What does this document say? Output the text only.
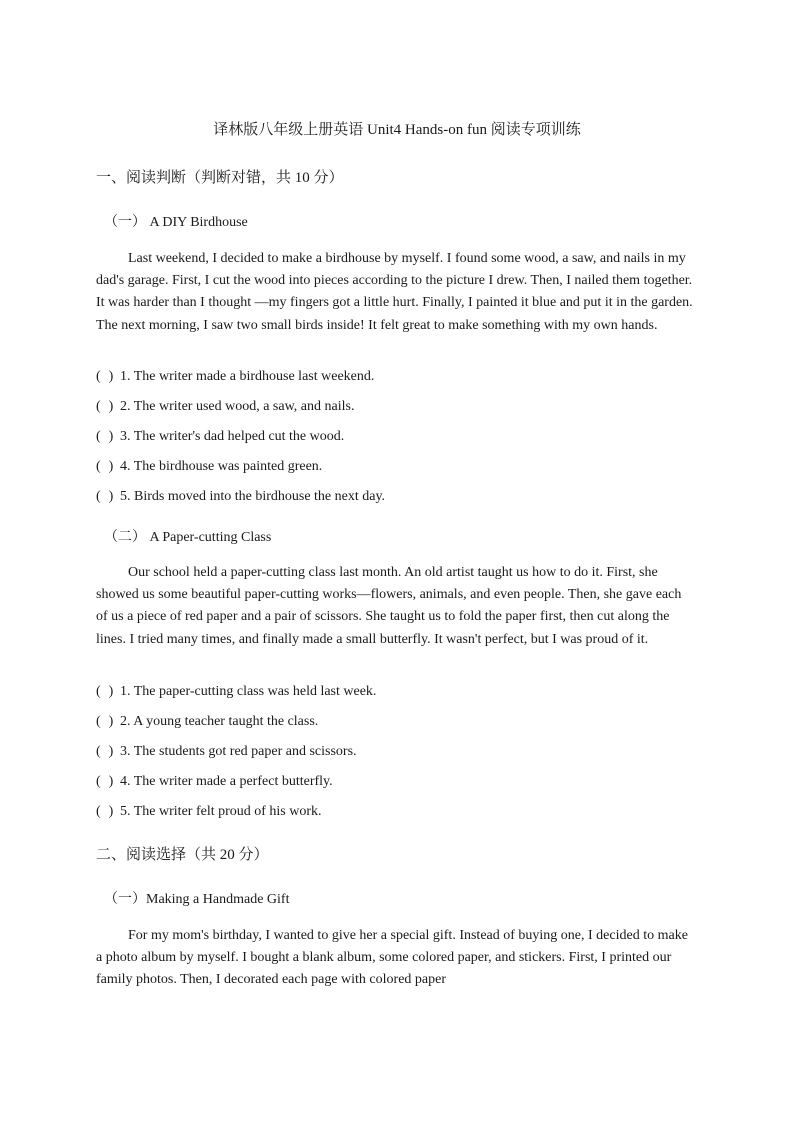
译林版八年级上册英语 Unit4 Hands-on fun 阅读专项训练
一、阅读判断（判断对错，共 10 分）
（一） A DIY Birdhouse
Last weekend, I decided to make a birdhouse by myself. I found some wood, a saw, and nails in my dad's garage. First, I cut the wood into pieces according to the picture I drew. Then, I nailed them together. It was harder than I thought —my fingers got a little hurt. Finally, I painted it blue and put it in the garden. The next morning, I saw two small birds inside! It felt great to make something with my own hands.
( ) 1. The writer made a birdhouse last weekend.
( ) 2. The writer used wood, a saw, and nails.
( ) 3. The writer's dad helped cut the wood.
( ) 4. The birdhouse was painted green.
( ) 5. Birds moved into the birdhouse the next day.
（二） A Paper-cutting Class
Our school held a paper-cutting class last month. An old artist taught us how to do it. First, she showed us some beautiful paper-cutting works—flowers, animals, and even people. Then, she gave each of us a piece of red paper and a pair of scissors. She taught us to fold the paper first, then cut along the lines. I tried many times, and finally made a small butterfly. It wasn't perfect, but I was proud of it.
( ) 1. The paper-cutting class was held last week.
( ) 2. A young teacher taught the class.
( ) 3. The students got red paper and scissors.
( ) 4. The writer made a perfect butterfly.
( ) 5. The writer felt proud of his work.
二、阅读选择（共 20 分）
（一）Making a Handmade Gift
For my mom's birthday, I wanted to give her a special gift. Instead of buying one, I decided to make a photo album by myself. I bought a blank album, some colored paper, and stickers. First, I printed our family photos. Then, I decorated each page with colored paper
